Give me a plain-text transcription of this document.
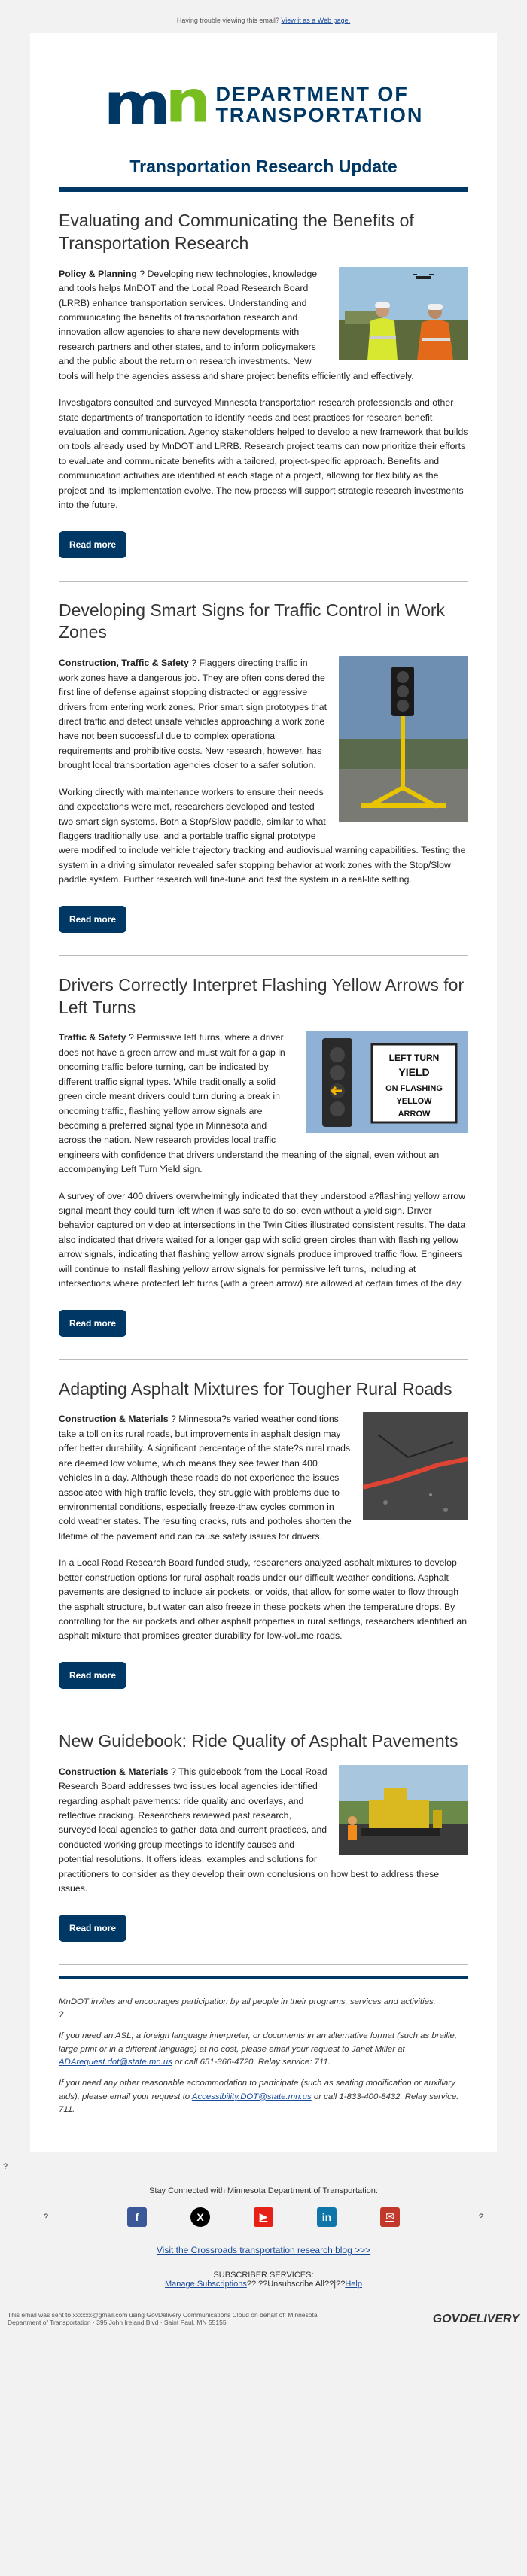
Having trouble viewing this email? View it as a Web page.
mn DEPARTMENT OF
TRANSPORTATION
Transportation Research Update
Evaluating and Communicating the Benefits of Transportation Research

Policy & Planning ? Developing new technologies, knowledge and tools helps MnDOT and the Local Road Research Board (LRRB) enhance transportation services. Understanding and communicating the benefits of transportation research and innovation allow agencies to share new developments with research partners and other states, and to inform policymakers and the public about the return on research investments. New tools will help the agencies assess and share project benefits efficiently and effectively.

Investigators consulted and surveyed Minnesota transportation research professionals and other state departments of transportation to identify needs and best practices for research benefit evaluation and communication. Agency stakeholders helped to develop a new framework that builds on tools already used by MnDOT and LRRB. Research project teams can now prioritize their efforts to evaluate and communicate benefits with a tailored, project-specific approach. Benefits and communication activities are identified at each stage of a project, allowing for flexibility as the project and its implementation evolve. The new process will support strategic research investments into the future.

Read more
Developing Smart Signs for Traffic Control in Work Zones

Construction, Traffic & Safety ? Flaggers directing traffic in work zones have a dangerous job. They are often considered the first line of defense against stopping distracted or aggressive drivers from entering work zones. Prior smart sign prototypes that direct traffic and detect unsafe vehicles approaching a work zone have not been successful due to complex operational requirements and prohibitive costs. New research, however, has brought local transportation agencies closer to a safer solution.

Working directly with maintenance workers to ensure their needs and expectations were met, researchers developed and tested two smart sign systems. Both a Stop/Slow paddle, similar to what flaggers traditionally use, and a portable traffic signal prototype were modified to include vehicle trajectory tracking and audiovisual warning capabilities. Testing the system in a driving simulator revealed safer stopping behavior at work zones with the Stop/Slow paddle system. Further research will fine-tune and test the system in a real-life setting.

Read more
Drivers Correctly Interpret Flashing Yellow Arrows for Left Turns
LEFT TURN
YIELD
ON FLASHING
YELLOW
ARROW

Traffic & Safety ? Permissive left turns, where a driver does not have a green arrow and must wait for a gap in oncoming traffic before turning, can be indicated by different traffic signal types. While traditionally a solid green circle meant drivers could turn during a break in oncoming traffic, flashing yellow arrow signals are becoming a preferred signal type in Minnesota and across the nation. New research provides local traffic engineers with confidence that drivers understand the meaning of the signal, even without an accompanying Left Turn Yield sign.

A survey of over 400 drivers overwhelmingly indicated that they understood a?flashing yellow arrow signal meant they could turn left when it was safe to do so, even without a yield sign. Driver behavior captured on video at intersections in the Twin Cities illustrated consistent results. The data also indicated that drivers waited for a longer gap with solid green circles than with flashing yellow arrow signals, indicating that flashing yellow arrow signals produce improved traffic flow. Engineers will continue to install flashing yellow arrow signals for permissive left turns, including at intersections where protected left turns (with a green arrow) are allowed at certain times of the day.

Read more
Adapting Asphalt Mixtures for Tougher Rural Roads

Construction & Materials ? Minnesota?s varied weather conditions take a toll on its rural roads, but improvements in asphalt design may offer better durability. A significant percentage of the state?s rural roads are deemed low volume, which means they see fewer than 400 vehicles in a day. Although these roads do not experience the issues associated with high traffic levels, they struggle with problems due to environmental conditions, especially freeze-thaw cycles common in cold weather states. The resulting cracks, ruts and potholes shorten the lifetime of the pavement and can cause safety issues for drivers.

In a Local Road Research Board funded study, researchers analyzed asphalt mixtures to develop better construction options for rural asphalt roads under our difficult weather conditions. Asphalt pavements are designed to include air pockets, or voids, that allow for some water to flow through the asphalt structure, but water can also freeze in these pockets when the temperature drops. By controlling for the air pockets and other asphalt properties in rural settings, researchers identified an asphalt mixture that promises greater durability for low-volume roads.

Read more
New Guidebook: Ride Quality of Asphalt Pavements

Construction & Materials ? This guidebook from the Local Road Research Board addresses two issues local agencies identified regarding asphalt pavements: ride quality and overlays, and reflective cracking. Researchers reviewed past research, surveyed local agencies to gather data and current practices, and conducted working group meetings to identify causes and potential resolutions. It offers ideas, examples and solutions for practitioners to consider as they develop their own conclusions on how best to address these issues.

Read more

MnDOT invites and encourages participation by all people in their programs, services and activities.
?

If you need an ASL, a foreign language interpreter, or documents in an alternative format (such as braille, large print or in a different language) at no cost, please email your request to Janet Miller at ADArequest.dot@state.mn.us or call 651-366-4720. Relay service: 711.

If you need any other reasonable accommodation to participate (such as seating modification or auxiliary aids), please email your request to Accessibility.DOT@state.mn.us or call 1-833-400-8432. Relay service: 711.

?
Stay Connected with Minnesota Department of Transportation:
?	f	X	▶	in	✉	?
Visit the Crossroads transportation research blog >>>
SUBSCRIBER SERVICES:
Manage Subscriptions??|??Unsubscribe All??|??Help
This email was sent to xxxxxx@gmail.com using GovDelivery Communications Cloud on behalf of: Minnesota
Department of Transportation · 395 John Ireland Blvd · Saint Paul, MN 55155	GOVDELIVERY
